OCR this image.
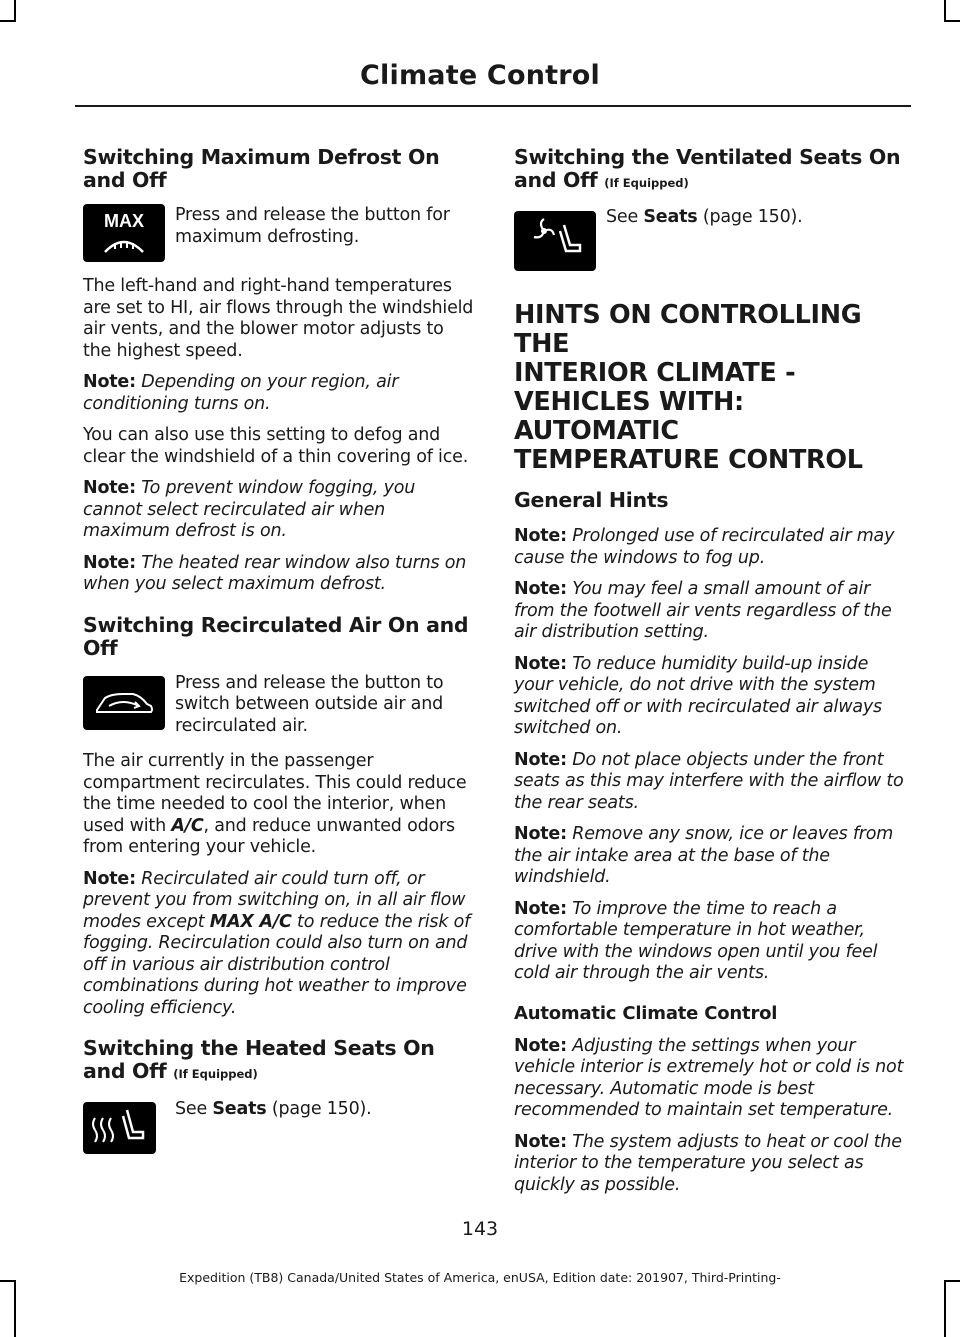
Climate Control
Switching Maximum Defrost On and Off
MAX Press and release the button for maximum defrosting.

The left-hand and right-hand temperatures are set to HI, air flows through the windshield air vents, and the blower motor adjusts to the highest speed.

Note: Depending on your region, air conditioning turns on.

You can also use this setting to defog and clear the windshield of a thin covering of ice.

Note: To prevent window fogging, you cannot select recirculated air when maximum defrost is on.

Note: The heated rear window also turns on when you select maximum defrost.

Switching Recirculated Air On and Off

Press and release the button to switch between outside air and recirculated air.

The air currently in the passenger compartment recirculates. This could reduce the time needed to cool the interior, when used with A/C, and reduce unwanted odors from entering your vehicle.

Note: Recirculated air could turn off, or prevent you from switching on, in all air flow modes except MAX A/C to reduce the risk of fogging. Recirculation could also turn on and off in various air distribution control combinations during hot weather to improve cooling efficiency.

Switching the Heated Seats On and Off (If Equipped)

See Seats (page 150).

Switching the Ventilated Seats On and Off (If Equipped)

See Seats (page 150).

HINTS ON CONTROLLING THE
INTERIOR CLIMATE -
VEHICLES WITH: AUTOMATIC
TEMPERATURE CONTROL
General Hints

Note: Prolonged use of recirculated air may cause the windows to fog up.

Note: You may feel a small amount of air from the footwell air vents regardless of the air distribution setting.

Note: To reduce humidity build-up inside your vehicle, do not drive with the system switched off or with recirculated air always switched on.

Note: Do not place objects under the front seats as this may interfere with the airflow to the rear seats.

Note: Remove any snow, ice or leaves from the air intake area at the base of the windshield.

Note: To improve the time to reach a comfortable temperature in hot weather, drive with the windows open until you feel cold air through the air vents.

Automatic Climate Control

Note: Adjusting the settings when your vehicle interior is extremely hot or cold is not necessary. Automatic mode is best recommended to maintain set temperature.

Note: The system adjusts to heat or cool the interior to the temperature you select as quickly as possible.

143
Expedition (TB8) Canada/United States of America, enUSA, Edition date: 201907, Third-Printing-
